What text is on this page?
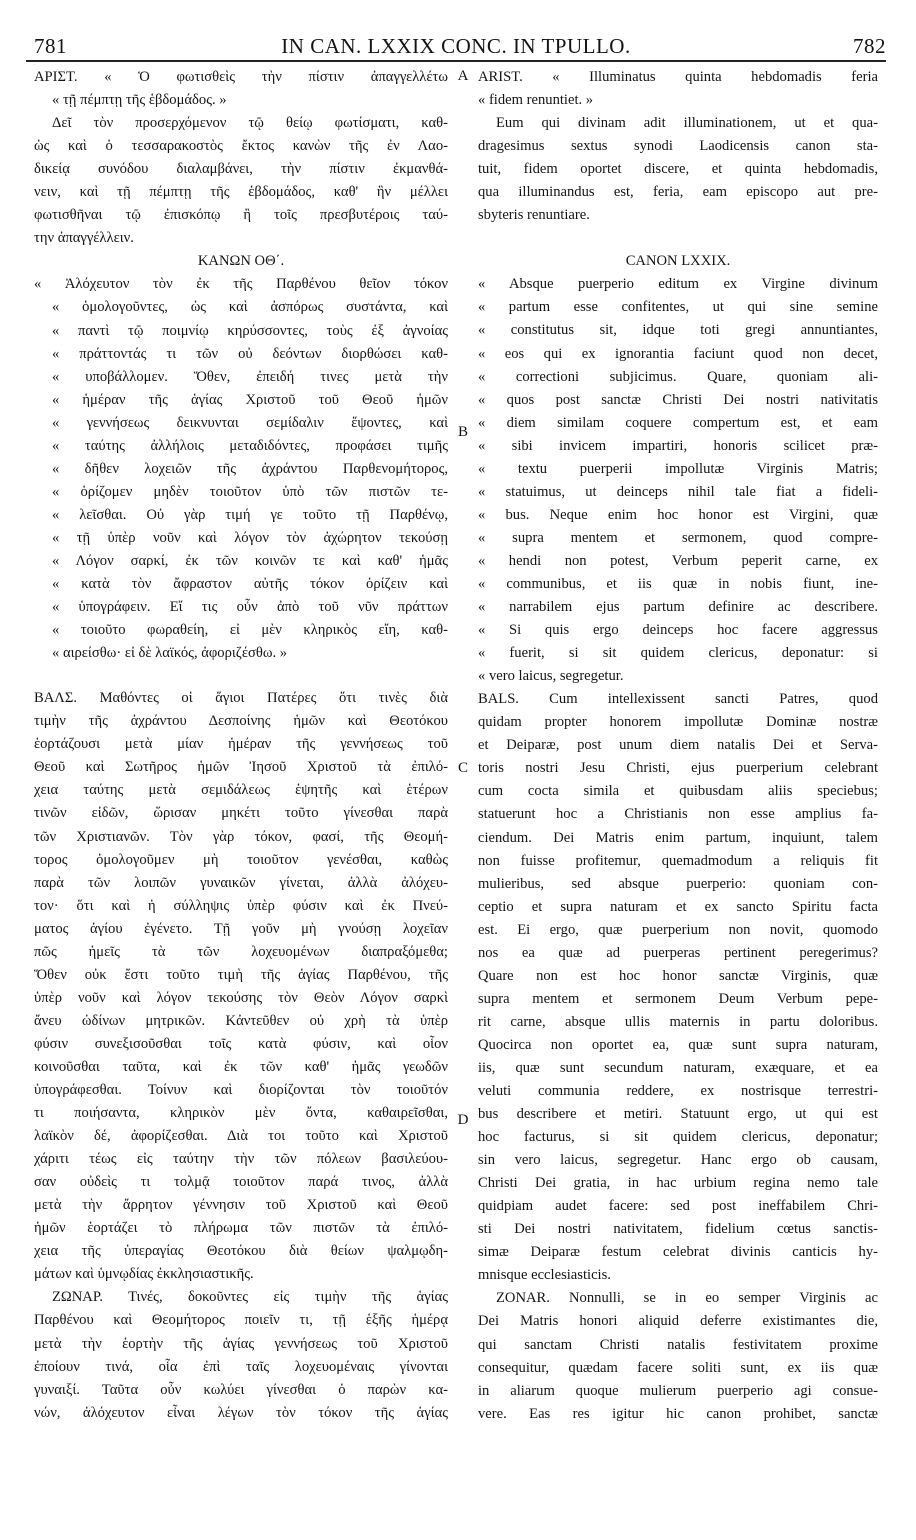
781	IN CAN. LXXIX CONC. IN TPULLO.	782
A
B
C
D

ΑΡΙΣΤ. « Ὁ φωτισθεὶς τὴν πίστιν ἀπαγγελλέτω

« τῇ πέμπτῃ τῆς ἑβδομάδος. »

Δεῖ τὸν προσερχόμενον τῷ θείῳ φωτίσματι, καθ-

ὡς καὶ ὁ τεσσαρακοστὸς ἔκτος κανὼν τῆς ἐν Λαο-

δικείᾳ συνόδου διαλαμβάνει, τὴν πίστιν ἐκμανθά-

νειν, καὶ τῇ πέμπτῃ τῆς ἑβδομάδος, καθ' ἣν μέλλει

φωτισθῆναι τῷ ἐπισκόπῳ ἢ τοῖς πρεσβυτέροις ταύ-

την ἀπαγγέλλειν.

ΚΑΝΩΝ ΟΘ΄.

« Ἀλόχευτον τὸν ἐκ τῆς Παρθένου θεῖον τόκον

« ὁμολογοῦντες, ὡς καὶ ἀσπόρως συστάντα, καὶ

« παντὶ τῷ ποιμνίῳ κηρύσσοντες, τοὺς ἐξ ἀγνοίας

« πράττοντάς τι τῶν οὐ δεόντων διορθώσει καθ-

« υποβάλλομεν. Ὅθεν, ἐπειδή τινες μετὰ τὴν

« ἡμέραν τῆς ἁγίας Χριστοῦ τοῦ Θεοῦ ἡμῶν

« γεννήσεως δεικνυνται σεμίδαλιν ἕψοντες, καὶ

« ταύτης ἀλλήλοις μεταδιδόντες, προφάσει τιμῆς

« δῆθεν λοχειῶν τῆς ἀχράντου Παρθενομήτορος,

« ὁρίζομεν μηδὲν τοιοῦτον ὑπὸ τῶν πιστῶν τε-

« λεῖσθαι. Οὐ γὰρ τιμή γε τοῦτο τῇ Παρθένῳ,

« τῇ ὑπὲρ νοῦν καὶ λόγον τὸν ἀχώρητον τεκούσῃ

« Λόγον σαρκί, ἐκ τῶν κοινῶν τε καὶ καθ' ἡμᾶς

« κατὰ τὸν ἄφραστον αὐτῆς τόκον ὁρίζειν καὶ

« ὑπογράφειν. Εἴ τις οὖν ἀπὸ τοῦ νῦν πράττων

« τοιοῦτο φωραθείη, εἰ μὲν κληρικὸς εἴη, καθ-

« αιρείσθω· εἰ δὲ λαϊκός, ἀφοριζέσθω. »

ΒΑΛΣ. Μαθόντες οἱ ἅγιοι Πατέρες ὅτι τινὲς διὰ

τιμὴν τῆς ἀχράντου Δεσποίνης ἡμῶν καὶ Θεοτόκου

ἑορτάζουσι μετὰ μίαν ἡμέραν τῆς γεννήσεως τοῦ

Θεοῦ καὶ Σωτῆρος ἡμῶν Ἰησοῦ Χριστοῦ τὰ ἐπιλό-

χεια ταύτης μετὰ σεμιδάλεως ἑψητῆς καὶ ἑτέρων

τινῶν εἰδῶν, ὥρισαν μηκέτι τοῦτο γίνεσθαι παρὰ

τῶν Χριστιανῶν. Τὸν γὰρ τόκον, φασί, τῆς Θεομή-

τορος ὁμολογοῦμεν μὴ τοιοῦτον γενέσθαι, καθὼς

παρὰ τῶν λοιπῶν γυναικῶν γίνεται, ἀλλὰ ἀλόχευ-

τον· ὅτι καὶ ἡ σύλληψις ὑπὲρ φύσιν καὶ ἐκ Πνεύ-

ματος ἁγίου ἐγένετο. Τῇ γοῦν μὴ γνούσῃ λοχεῖαν

πῶς ἡμεῖς τὰ τῶν λοχευομένων διαπραξόμεθα;

Ὅθεν οὐκ ἔστι τοῦτο τιμὴ τῆς ἁγίας Παρθένου, τῆς

ὑπὲρ νοῦν καὶ λόγον τεκούσης τὸν Θεὸν Λόγον σαρκὶ

ἄνευ ὠδίνων μητρικῶν. Κἀντεῦθεν οὐ χρὴ τὰ ὑπὲρ

φύσιν συνεξισοῦσθαι τοῖς κατὰ φύσιν, καὶ οἷον

κοινοῦσθαι ταῦτα, καὶ ἐκ τῶν καθ' ἡμᾶς γεωδῶν

ὑπογράφεσθαι. Τοίνυν καὶ διορίζονται τὸν τοιοῦτόν

τι ποιήσαντα, κληρικὸν μὲν ὄντα, καθαιρεῖσθαι,

λαϊκὸν δέ, ἀφορίζεσθαι. Διὰ τοι τοῦτο καὶ Χριστοῦ

χάριτι τέως εἰς ταύτην τὴν τῶν πόλεων βασιλεύου-

σαν οὐδεὶς τι τολμᾷ τοιοῦτον παρά τινος, ἀλλὰ

μετὰ τὴν ἄρρητον γέννησιν τοῦ Χριστοῦ καὶ Θεοῦ

ἡμῶν ἑορτάζει τὸ πλήρωμα τῶν πιστῶν τὰ ἐπιλό-

χεια τῆς ὑπεραγίας Θεοτόκου διὰ θείων ψαλμῳδη-

μάτων καὶ ὑμνῳδίας ἐκκλησιαστικῆς.

ΖΩΝΑΡ. Τινές, δοκοῦντες εἰς τιμὴν τῆς ἁγίας

Παρθένου καὶ Θεομήτορος ποιεῖν τι, τῇ ἑξῆς ἡμέρᾳ

μετὰ τὴν ἑορτὴν τῆς ἁγίας γεννήσεως τοῦ Χριστοῦ

ἐποίουν τινά, οἷα ἐπὶ ταῖς λοχευομέναις γίνονται

γυναιξί. Ταῦτα οὖν κωλύει γίνεσθαι ὁ παρὼν κα-

νών, ἀλόχευτον εἶναι λέγων τὸν τόκον τῆς ἁγίας

ARIST. « Illuminatus quinta hebdomadis feria

« fidem renuntiet. »

Eum qui divinam adit illuminationem, ut et qua-

dragesimus sextus synodi Laodicensis canon sta-

tuit, fidem oportet discere, et quinta hebdomadis,

qua illuminandus est, feria, eam episcopo aut pre-

sbyteris renuntiare.

CANON LXXIX.

« Absque puerperio editum ex Virgine divinum

« partum esse confitentes, ut qui sine semine

« constitutus sit, idque toti gregi annuntiantes,

« eos qui ex ignorantia faciunt quod non decet,

« correctioni subjicimus. Quare, quoniam ali-

« quos post sanctæ Christi Dei nostri nativitatis

« diem similam coquere compertum est, et eam

« sibi invicem impartiri, honoris scilicet præ-

« textu puerperii impollutæ Virginis Matris;

« statuimus, ut deinceps nihil tale fiat a fideli-

« bus. Neque enim hoc honor est Virgini, quæ

« supra mentem et sermonem, quod compre-

« hendi non potest, Verbum peperit carne, ex

« communibus, et iis quæ in nobis fiunt, ine-

« narrabilem ejus partum definire ac describere.

« Si quis ergo deinceps hoc facere aggressus

« fuerit, si sit quidem clericus, deponatur: si

« vero laicus, segregetur.

BALS. Cum intellexissent sancti Patres, quod

quidam propter honorem impollutæ Dominæ nostræ

et Deiparæ, post unum diem natalis Dei et Serva-

toris nostri Jesu Christi, ejus puerperium celebrant

cum cocta simila et quibusdam aliis speciebus;

statuerunt hoc a Christianis non esse amplius fa-

ciendum. Dei Matris enim partum, inquiunt, talem

non fuisse profitemur, quemadmodum a reliquis fit

mulieribus, sed absque puerperio: quoniam con-

ceptio et supra naturam et ex sancto Spiritu facta

est. Ei ergo, quæ puerperium non novit, quomodo

nos ea quæ ad puerperas pertinent peregerimus?

Quare non est hoc honor sanctæ Virginis, quæ

supra mentem et sermonem Deum Verbum pepe-

rit carne, absque ullis maternis in partu doloribus.

Quocirca non oportet ea, quæ sunt supra naturam,

iis, quæ sunt secundum naturam, exæquare, et ea

veluti communia reddere, ex nostrisque terrestri-

bus describere et metiri. Statuunt ergo, ut qui est

hoc facturus, si sit quidem clericus, deponatur;

sin vero laicus, segregetur. Hanc ergo ob causam,

Christi Dei gratia, in hac urbium regina nemo tale

quidpiam audet facere: sed post ineffabilem Chri-

sti Dei nostri nativitatem, fidelium cœtus sanctis-

simæ Deiparæ festum celebrat divinis canticis hy-

mnisque ecclesiasticis.

ZONAR. Nonnulli, se in eo semper Virginis ac

Dei Matris honori aliquid deferre existimantes die,

qui sanctam Christi natalis festivitatem proxime

consequitur, quædam facere soliti sunt, ex iis quæ

in aliarum quoque mulierum puerperio agi consue-

vere. Eas res igitur hic canon prohibet, sanctæ
